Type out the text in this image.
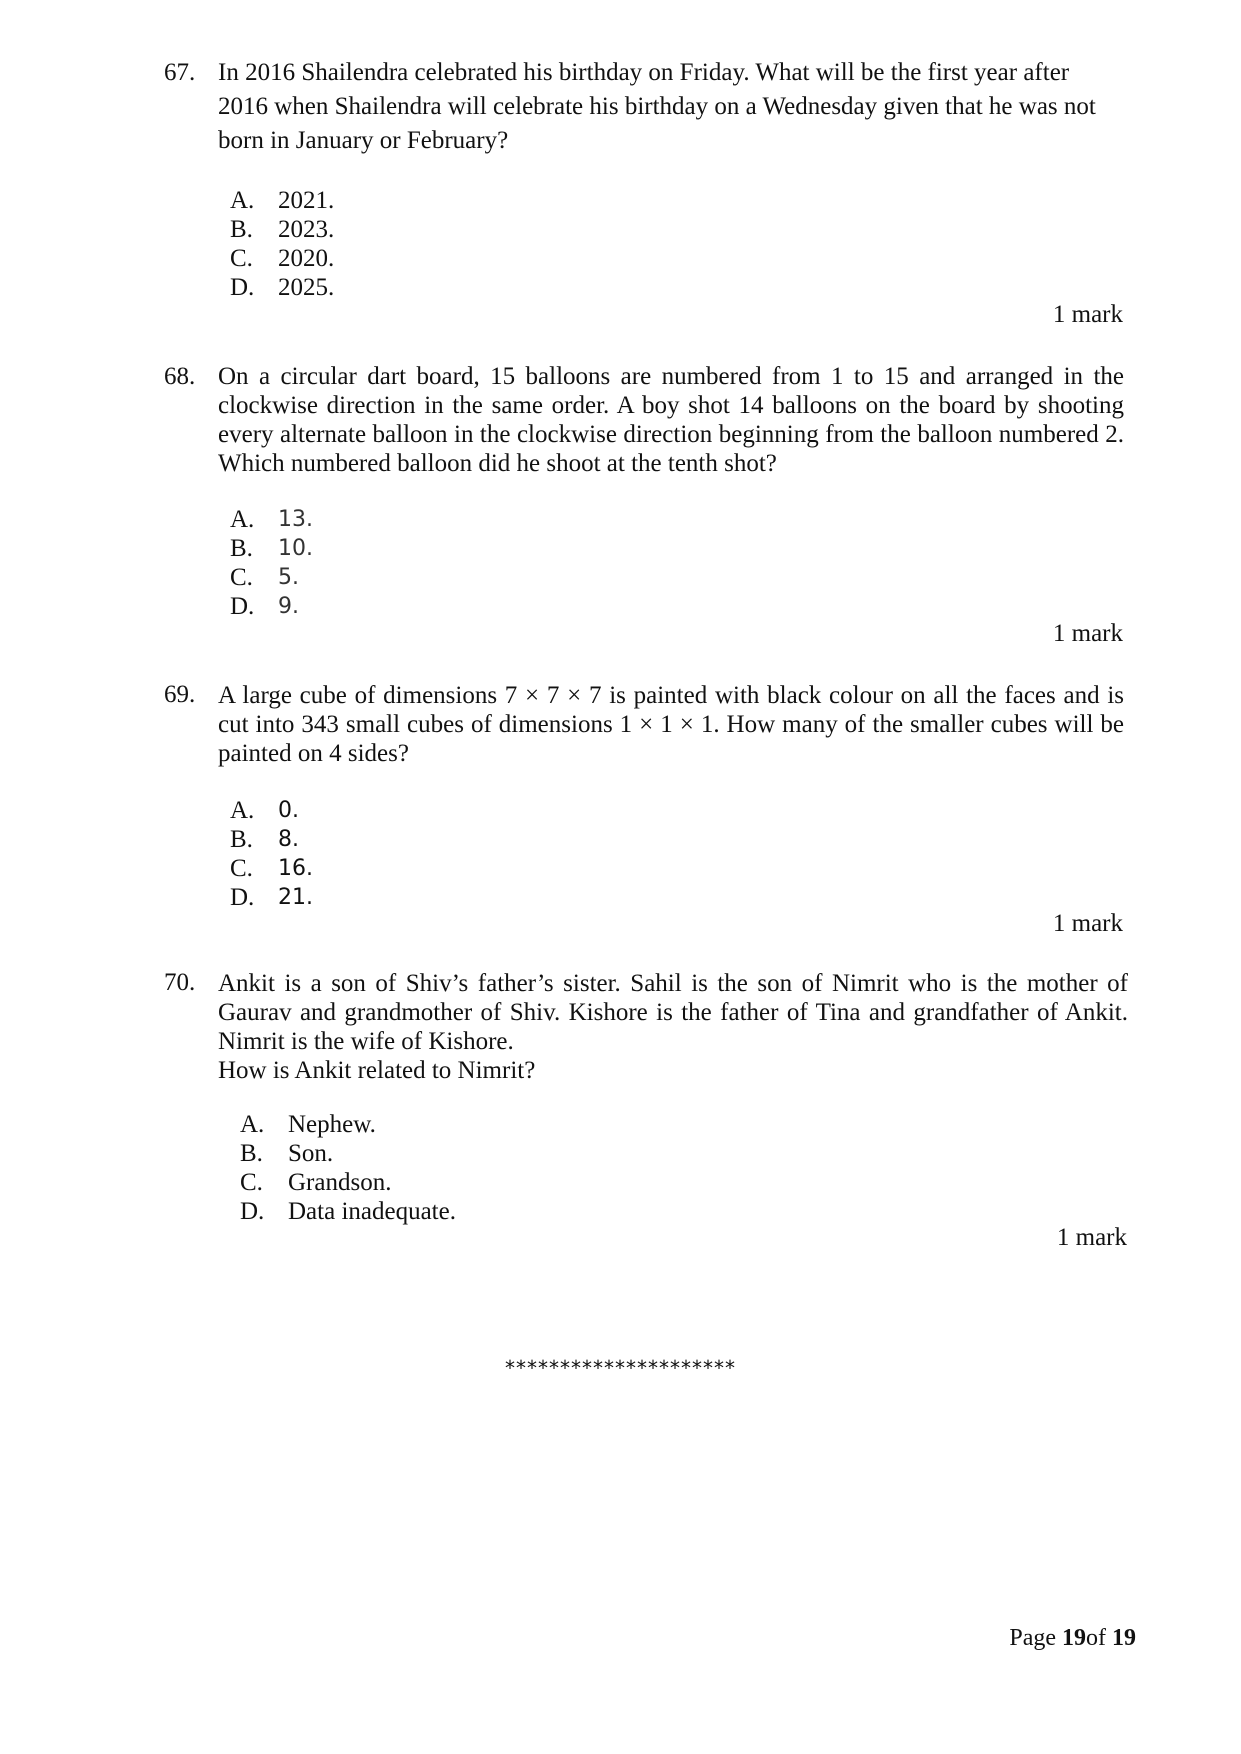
67. In 2016 Shailendra celebrated his birthday on Friday. What will be the first year after

2016 when Shailendra will celebrate his birthday on a Wednesday given that he was not

born in January or February?

A. 2021.
B.	2023.
C.	2020.
D. 2025.
1 mark
68. On a circular dart board, 15 balloons are numbered from 1 to 15 and arranged in the clockwise direction in the same order. A boy shot 14 balloons on the board by shooting every alternate balloon in the clockwise direction beginning from the balloon numbered 2. Which numbered balloon did he shoot at the tenth shot?
A.	13.
B.	10.
C.	5.
D.	9.
1 mark
69. A large cube of dimensions 7 × 7 × 7 is painted with black colour on all the faces and is cut into 343 small cubes of dimensions 1 × 1 × 1. How many of the smaller cubes will be painted on 4 sides?
A.	0.
B.	8.
C.	16.
D.	21.
1 mark
70. Ankit is a son of Shiv’s father’s sister. Sahil is the son of Nimrit who is the mother of Gaurav and grandmother of Shiv. Kishore is the father of Tina and grandfather of Ankit. Nimrit is the wife of Kishore.

How is Ankit related to Nimrit?

A. Nephew.
B.	Son.
C.	Grandson.
D. Data inadequate.
1 mark
*********************
Page 19of 19
